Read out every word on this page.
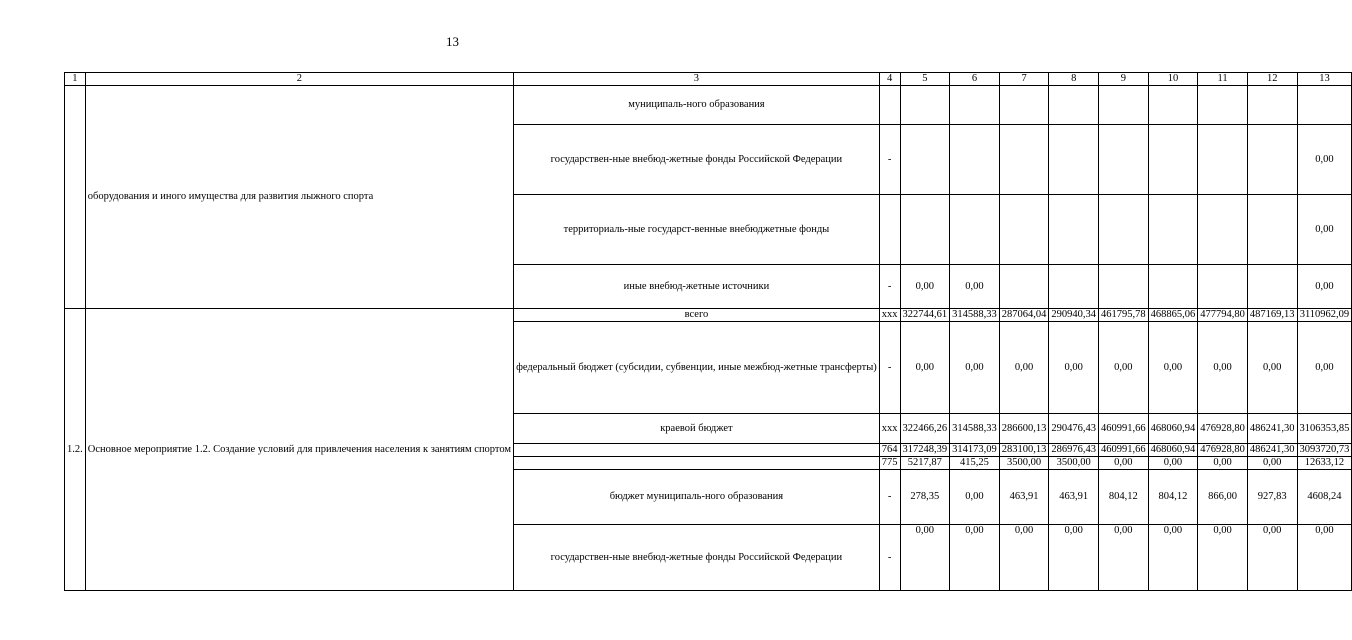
13
1	2	3	4	5	6	7	8	9	10	11	12	13
	оборудования и иного имущества для развития лыжного спорта	муниципаль-ного образования										
		государствен-ные внебюд-жетные фонды Российской Федерации	-									0,00
		территориаль-ные государст-венные внебюджетные фонды										0,00
		иные внебюд-жетные источники	-	0,00	0,00							0,00
1.2.	Основное мероприятие 1.2. Создание условий для привлечения населения к занятиям спортом	всего	ххх	322744,61	314588,33	287064,04	290940,34	461795,78	468865,06	477794,80	487169,13	3110962,09
		федеральный бюджет (субсидии, субвенции, иные межбюд-жетные трансферты)	-	0,00	0,00	0,00	0,00	0,00	0,00	0,00	0,00	0,00
		краевой бюджет	ххх	322466,26	314588,33	286600,13	290476,43	460991,66	468060,94	476928,80	486241,30	3106353,85
			764	317248,39	314173,09	283100,13	286976,43	460991,66	468060,94	476928,80	486241,30	3093720,73
			775	5217,87	415,25	3500,00	3500,00	0,00	0,00	0,00	0,00	12633,12
		бюджет муниципаль-ного образования	-	278,35	0,00	463,91	463,91	804,12	804,12	866,00	927,83	4608,24
		государствен-ные внебюд-жетные фонды Российской Федерации	-	0,00	0,00	0,00	0,00	0,00	0,00	0,00	0,00	0,00
